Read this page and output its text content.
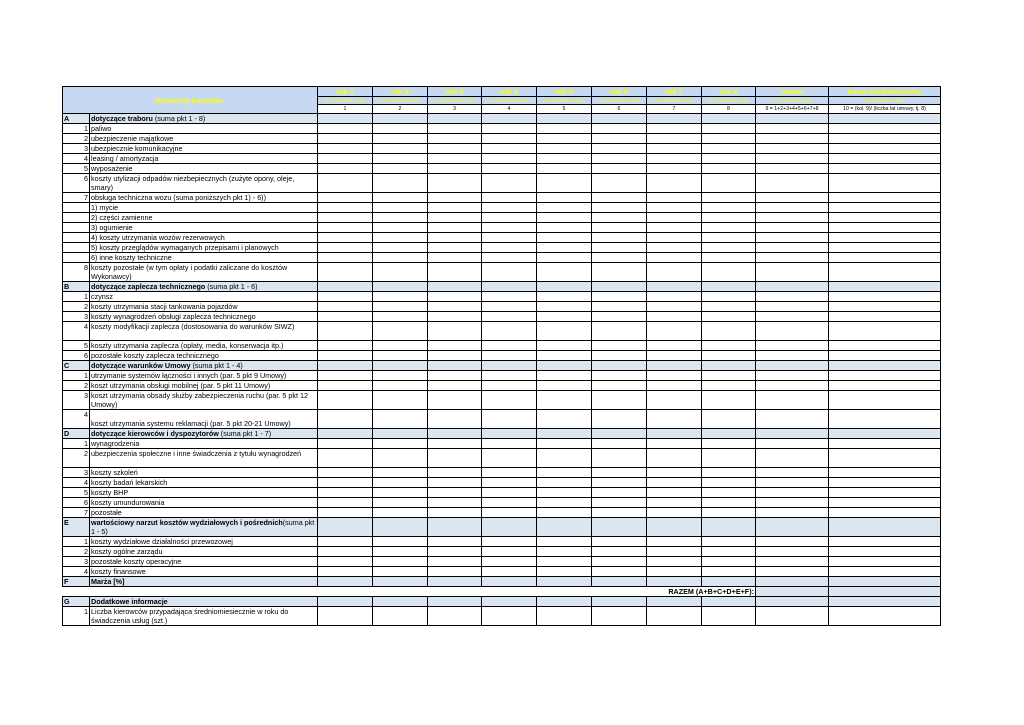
Elementy kosztów:		rok 1	rok 2	rok 3	rok 4	rok 5	rok 6	rok 7	rok 8	razem	koszt średnioroczny
		w PLN/wozkm netto	w PLN/wozkm netto	w PLN/wozkm netto	w PLN/wozkm netto	w PLN/wozkm netto	w PLN/wozkm netto	w PLN/wozkm netto	w PLN/wozkm netto	w PLN/wozkm netto	w PLN/wozkm netto
		1	2	3	4	5	6	7	8	9 = 1+2+3+4+5+6+7+8	10 = (kol. 9)/ (liczba lat umowy, tj. 8)
A	dotyczące traboru (suma pkt 1 - 8)										
1	paliwo										
2	ubezpieczenie majątkowe										
3	ubezpiecznie komunikacyjne										
4	leasing / amortyzacja										
5	wyposażenie										
6	koszty utylizacji odpadów niezbepiecznych (zużyte opony, oleje, smary)										
7	obsługa techniczna wozu (suma poniższych pkt 1) - 6))										
	1) mycie										
	2) części zamienne										
	3) ogumienie										
	4) koszty utrzymania wozów rezerwowych										
	5) koszty przeglądów wymaganych przepisami i planowych										
	6) inne koszty techniczne										
8	koszty pozostałe (w tym opłaty i podatki zaliczane do kosztów Wykonawcy)										
B	dotyczące zaplecza technicznego (suma pkt 1 - 6)										
1	czynsz										
2	koszty utrzymania stacji tankowania pojazdów										
3	koszty wynagrodzeń obsługi zaplecza technicznego										
4	koszty modyfikacji zaplecza (dostosowania do warunków SIWZ)										
5	koszty utrzymania zaplecza (opłaty, media, konserwacja itp.)										
6	pozostałe koszty zaplecza technicznego										
C	dotyczące warunków Umowy (suma pkt 1 - 4)										
1	utrzymanie systemów łączności i innych (par. 5 pkt 9 Umowy)										
2	koszt utrzymania obsługi mobilnej (par. 5 pkt 11 Umowy)										
3	koszt utrzymania obsady służby zabezpieczenia ruchu (par. 5 pkt 12 Umowy)										
4	koszt utrzymania systemu reklamacji (par. 5 pkt 20-21 Umowy)										
D	dotyczące kierowców i dyspozytorów (suma pkt 1 - 7)										
1	wynagrodzenia										
2	ubezpieczenia społeczne i inne świadczenia z tytułu wynagrodzeń										
3	koszty szkoleń										
4	koszty badań lekarskich										
5	koszty BHP										
6	koszty umundurowania										
7	pozostałe										
E	wartościowy narzut kosztów wydziałowych i pośrednich(suma pkt 1 - 5)										
1	koszty wydziałowe działalności przewozowej										
2	koszty ogólne zarządu										
3	pozostałe koszty operacyjne										
4	koszty finansowe										
F	Marża [%]										
		RAZEM (A+B+C+D+E+F):									
G	Dodatkowe informacje										
1	Liczba kierowców przypadająca średniomiesiecznie w roku do świadczenia usług (szt.)										
